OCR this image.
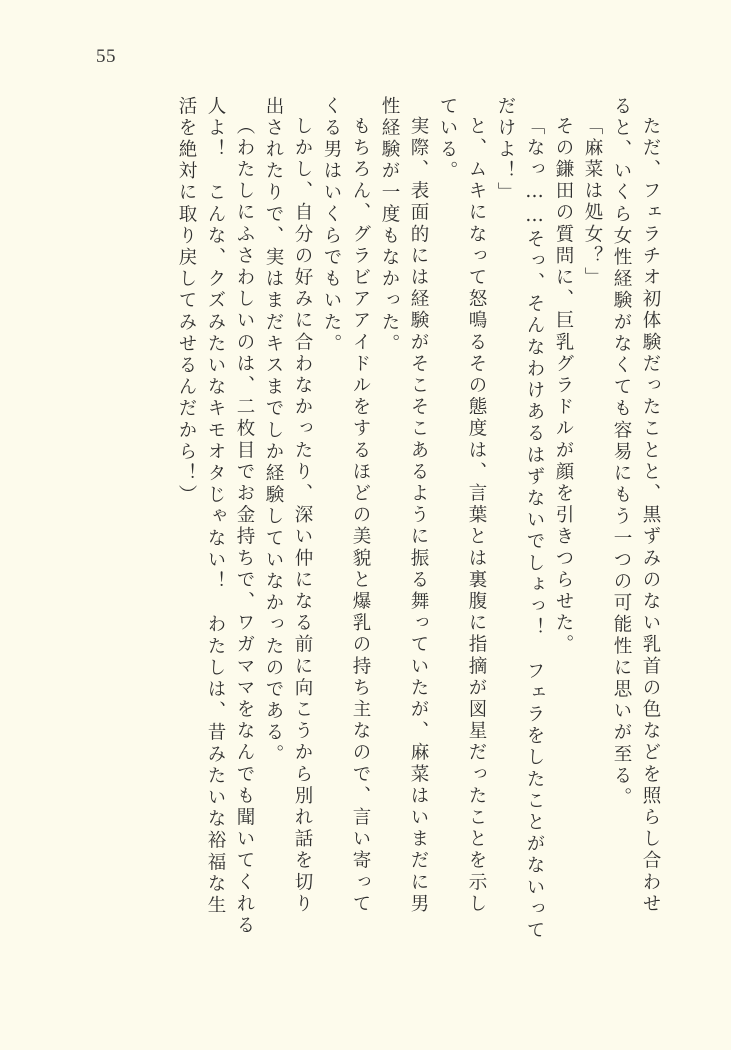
55
ただ、フェラチオ初体験だったことと、黒ずみのない乳首の色などを照らし合わせ
ると、いくら女性経験がなくても容易にもう一つの可能性に思いが至る。
「麻菜は処女？」
その鎌田の質問に、巨乳グラドルが顔を引きつらせた。
「なっ……そっ、そんなわけあるはずないでしょっ！　フェラをしたことがないって
だけよ！」
と、ムキになって怒鳴るその態度は、言葉とは裏腹に指摘が図星だったことを示し
ている。
実際、表面的には経験がそこそこあるように振る舞っていたが、麻菜はいまだに男
性経験が一度もなかった。
もちろん、グラビアアイドルをするほどの美貌と爆乳の持ち主なので、言い寄って
くる男はいくらでもいた。
しかし、自分の好みに合わなかったり、深い仲になる前に向こうから別れ話を切り
出されたりで、実はまだキスまでしか経験していなかったのである。
（わたしにふさわしいのは、二枚目でお金持ちで、ワガママをなんでも聞いてくれる
人よ！　こんな、クズみたいなキモオタじゃない！　わたしは、昔みたいな裕福な生
活を絶対に取り戻してみせるんだから！）
